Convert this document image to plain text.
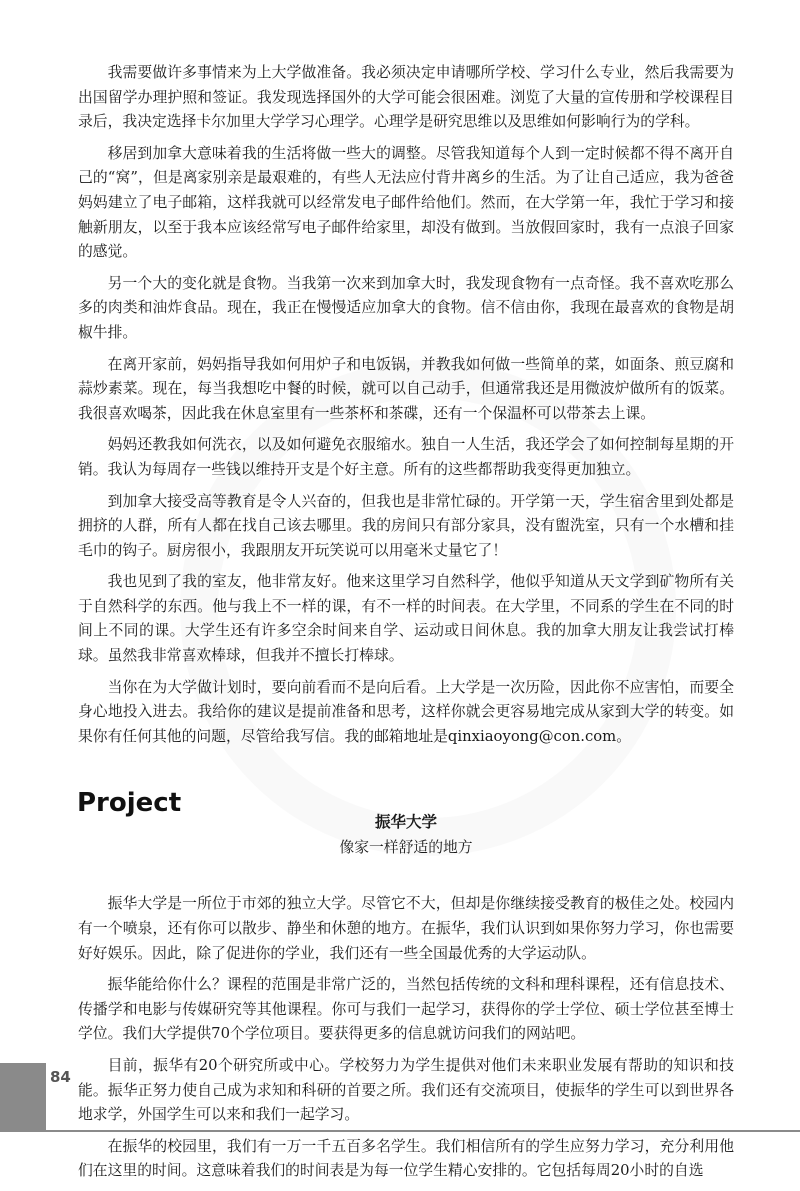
我需要做许多事情来为上大学做准备。我必须决定申请哪所学校、学习什么专业，然后我需要为出国留学办理护照和签证。我发现选择国外的大学可能会很困难。浏览了大量的宣传册和学校课程目录后，我决定选择卡尔加里大学学习心理学。心理学是研究思维以及思维如何影响行为的学科。

移居到加拿大意味着我的生活将做一些大的调整。尽管我知道每个人到一定时候都不得不离开自己的“窝”，但是离家别亲是最艰难的，有些人无法应付背井离乡的生活。为了让自己适应，我为爸爸妈妈建立了电子邮箱，这样我就可以经常发电子邮件给他们。然而，在大学第一年，我忙于学习和接触新朋友，以至于我本应该经常写电子邮件给家里，却没有做到。当放假回家时，我有一点浪子回家的感觉。

另一个大的变化就是食物。当我第一次来到加拿大时，我发现食物有一点奇怪。我不喜欢吃那么多的肉类和油炸食品。现在，我正在慢慢适应加拿大的食物。信不信由你，我现在最喜欢的食物是胡椒牛排。

在离开家前，妈妈指导我如何用炉子和电饭锅，并教我如何做一些简单的菜，如面条、煎豆腐和蒜炒素菜。现在，每当我想吃中餐的时候，就可以自己动手，但通常我还是用微波炉做所有的饭菜。我很喜欢喝茶，因此我在休息室里有一些茶杯和茶碟，还有一个保温杯可以带茶去上课。

妈妈还教我如何洗衣，以及如何避免衣服缩水。独自一人生活，我还学会了如何控制每星期的开销。我认为每周存一些钱以维持开支是个好主意。所有的这些都帮助我变得更加独立。

到加拿大接受高等教育是令人兴奋的，但我也是非常忙碌的。开学第一天，学生宿舍里到处都是拥挤的人群，所有人都在找自己该去哪里。我的房间只有部分家具，没有盥洗室，只有一个水槽和挂毛巾的钩子。厨房很小，我跟朋友开玩笑说可以用毫米丈量它了！

我也见到了我的室友，他非常友好。他来这里学习自然科学，他似乎知道从天文学到矿物所有关于自然科学的东西。他与我上不一样的课，有不一样的时间表。在大学里，不同系的学生在不同的时间上不同的课。大学生还有许多空余时间来自学、运动或日间休息。我的加拿大朋友让我尝试打棒球。虽然我非常喜欢棒球，但我并不擅长打棒球。

当你在为大学做计划时，要向前看而不是向后看。上大学是一次历险，因此你不应害怕，而要全身心地投入进去。我给你的建议是提前准备和思考，这样你就会更容易地完成从家到大学的转变。如果你有任何其他的问题，尽管给我写信。我的邮箱地址是qinxiaoyong@con.com。

Project
振华大学

像家一样舒适的地方

振华大学是一所位于市郊的独立大学。尽管它不大，但却是你继续接受教育的极佳之处。校园内有一个喷泉，还有你可以散步、静坐和休憩的地方。在振华，我们认识到如果你努力学习，你也需要好好娱乐。因此，除了促进你的学业，我们还有一些全国最优秀的大学运动队。

振华能给你什么？课程的范围是非常广泛的，当然包括传统的文科和理科课程，还有信息技术、传播学和电影与传媒研究等其他课程。你可与我们一起学习，获得你的学士学位、硕士学位甚至博士学位。我们大学提供70个学位项目。要获得更多的信息就访问我们的网站吧。

目前，振华有20个研究所或中心。学校努力为学生提供对他们未来职业发展有帮助的知识和技能。振华正努力使自己成为求知和科研的首要之所。我们还有交流项目，使振华的学生可以到世界各地求学，外国学生可以来和我们一起学习。

在振华的校园里，我们有一万一千五百多名学生。我们相信所有的学生应努力学习，充分利用他们在这里的时间。这意味着我们的时间表是为每一位学生精心安排的。它包括每周20小时的自选

84
